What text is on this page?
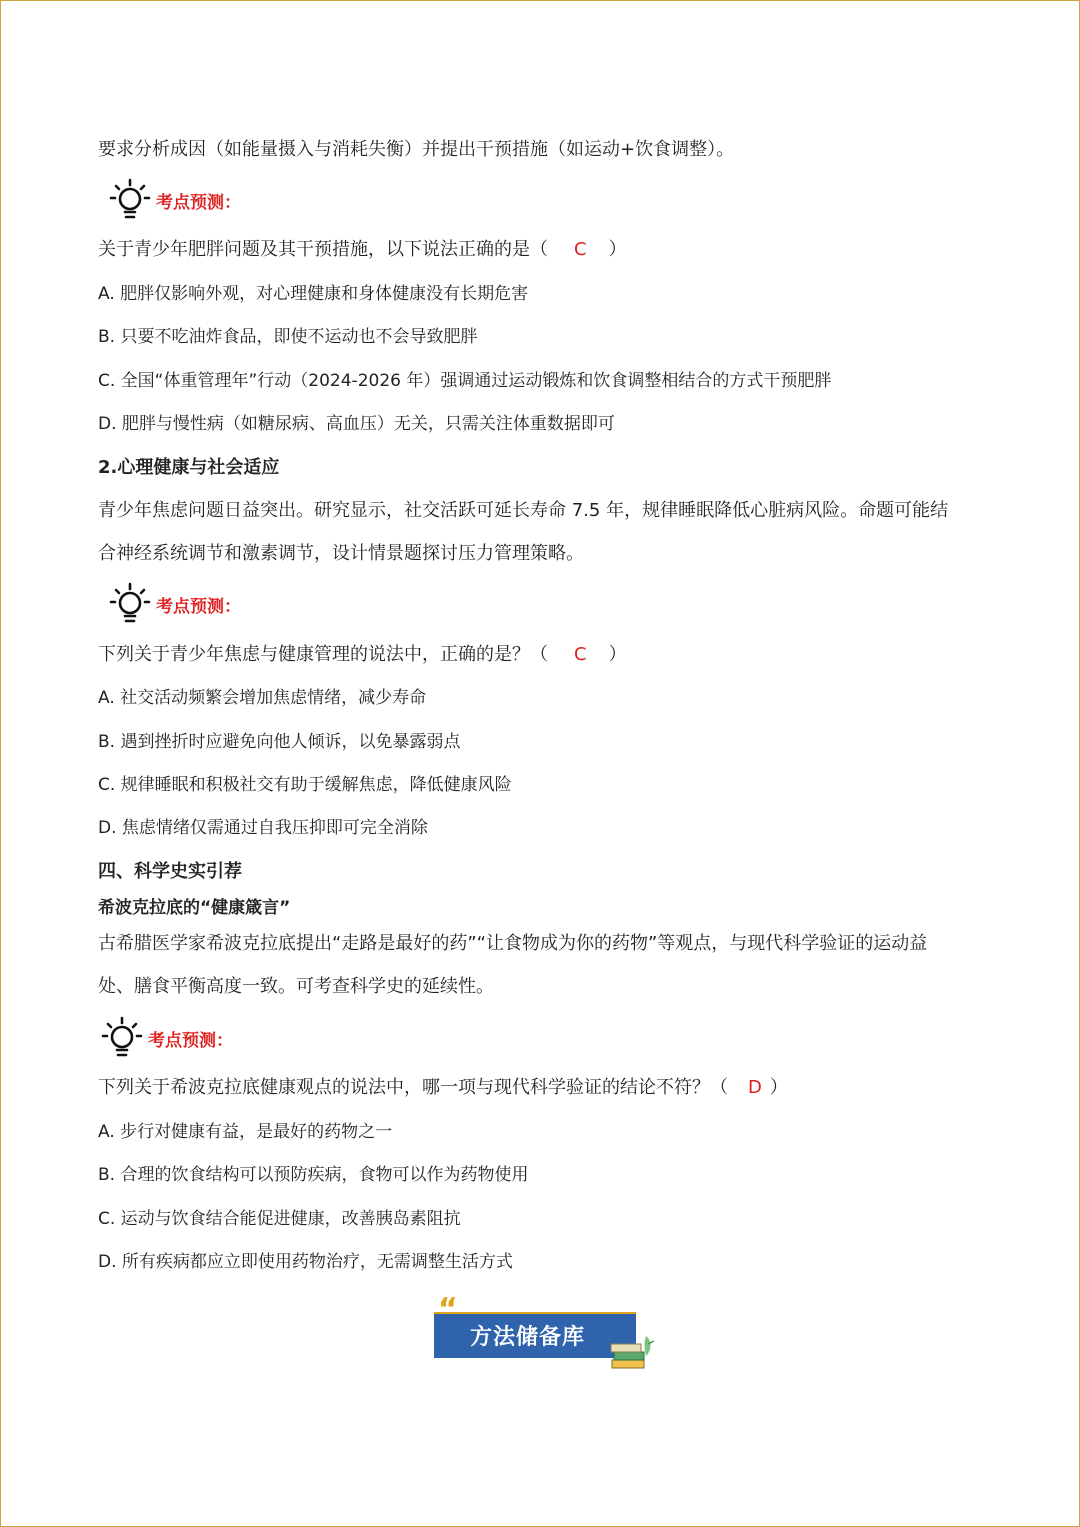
要求分析成因（如能量摄入与消耗失衡）并提出干预措施（如运动+饮食调整）。
考点预测：
关于青少年肥胖问题及其干预措施，以下说法正确的是（ C ）
A. 肥胖仅影响外观，对心理健康和身体健康没有长期危害
B. 只要不吃油炸食品，即使不运动也不会导致肥胖
C. 全国“体重管理年”行动（2024-2026 年）强调通过运动锻炼和饮食调整相结合的方式干预肥胖
D. 肥胖与慢性病（如糖尿病、高血压）无关，只需关注体重数据即可
2.心理健康与社会适应
青少年焦虑问题日益突出。研究显示，社交活跃可延长寿命 7.5 年，规律睡眠降低心脏病风险。命题可能结
合神经系统调节和激素调节，设计情景题探讨压力管理策略。
考点预测：
下列关于青少年焦虑与健康管理的说法中，正确的是？（ C ）
A. 社交活动频繁会增加焦虑情绪，减少寿命
B. 遇到挫折时应避免向他人倾诉，以免暴露弱点
C. 规律睡眠和积极社交有助于缓解焦虑，降低健康风险
D. 焦虑情绪仅需通过自我压抑即可完全消除
四、科学史实引荐
希波克拉底的“健康箴言”
古希腊医学家希波克拉底提出“走路是最好的药”“让食物成为你的药物”等观点，与现代科学验证的运动益
处、膳食平衡高度一致。可考查科学史的延续性。
考点预测：
下列关于希波克拉底健康观点的说法中，哪一项与现代科学验证的结论不符？（ D ）
A. 步行对健康有益，是最好的药物之一
B. 合理的饮食结构可以预防疾病，食物可以作为药物使用
C. 运动与饮食结合能促进健康，改善胰岛素阻抗
D. 所有疾病都应立即使用药物治疗，无需调整生活方式
“
方法储备库
